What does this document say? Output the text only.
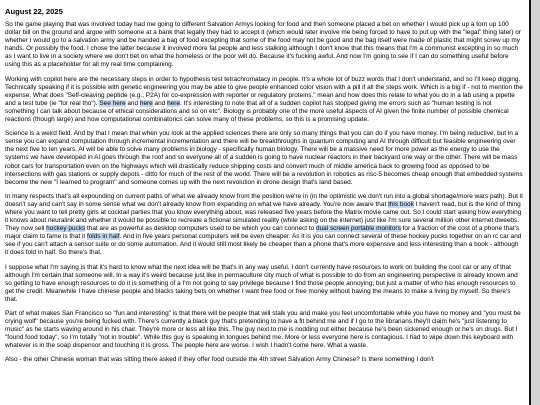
August 22, 2025

So the game playing that was involved today had me going to different Salvation Armys looking for food and then someone placed a bet on whether I would pick up a torn up 100 dollar bill on the ground and argue with someone at a bank that legally they had to accept it (which would later involve me being forced to have to put up with the "legal" thing later) or whether I would go to a salvation army and be handed a bag of food excepting that some of the food may not be good and the bag itself were made of plastic that might screw up my hands. Or possibly the food. I chose the latter because it involved more fat people and less stalking although I don't know that this means that I'm a communist excepting in so much as I want to live in a society where we don't bet on what the homeless or the poor will do. Because it's fucking awful. And now I'm going to see if I can do something useful before using this as a placeholder for all my real time complaining.

Working with copilot here are the necessary steps in order to hypothesis test tetrachromatacy in people. It's a whole lot of buzz words that I don't understand, and so I'll keep digging. Technically speaking if it is possible with genetic engineering you may be able to give people enhanced color vision with a pill if all the steps work. Which is a big if - not to mention the expense. What does "Self-cleaving peptide (e.g., P2A) for co-expression with reporter or regulatory proteins." mean and how does this relate to what you do in a lab using a pipette and a test tube (ie "for real tho"). See here and here and here. It's interesting to note that all of a sudden copilot has stopped giving me errors such as "human testing is not something I can talk about because of ethical considerations and so on etc". Biology is probably one of the more useful aspects of AI given the finite number of possible chemical reactions (though large) and how computational combinatorics can solve many of these problems, so this is a promising update.

Science is a weird field. And by that I mean that when you look at the applied sciences there are only so many things that you can do if you have money. I'm being reductive, but in a sense you can expand computation through incremental incrementation and there will be breakthroughs in quantum computing and AI through difficult but feasible engineering over the next five to ten years. AI will be able to solve many problems in biology - specifically human biology. There will be a massive need for more power as the energy to use the systems we have developed in AI goes through the roof and so everyone all of a sudden is going to have nuclear reactors in their backyard one way or the other. There will be mass robot cars for transportation even on the highways which will drastically reduce shipping costs and convert much of middle america back to growing food as opposed to be intersections with gas stations or supply depots - ditto for much of the rest of the world. There will be a revolution in robotics as risc-5 becomes cheap enough that embedded systems become the new "I learned to program" and someone comes up with the next revolution in drone design that's land based.

In many respects that's all expounding on current paths of what we already know from the position we're in (in the optimistic we don't run into a global shortage/more wars path). But it doesn't say and can't say in some sense what we don't already know from expanding on what we have already. You're now aware that this book I haven't read, but is the kind of thing where you want to tell pretty girls at cocktail parties that you know everything about, was released five years before the Matrix movie came out. So I could start asking how everything it knows about neuralink and whether it would be possible to recreate a fictional simulated reality (while asking on the internet) just like I'm sure several million other internet dweebs. They now sell hockey pucks that are as powerful as desktop computers used to be which you can connect to dual screen portable monitors for a fraction of the cost of a phone that's major claim to fame is that it folds in half. And in five years personal computers will be even cheaper. As it is you can connect several of these hockey pucks together on an rc car and see if you can't attach a sensor suite or do some automation. And it would still most likely be cheaper than a phone that's more expensive and less interesting than a book - although it does fold in half. So there's that.

I suppose what I'm saying is that it's hard to know what the next idea will be that's in any way useful. I don't currently have resources to work on building the cool car or any of that although I'm certain that someone will. In a way it's weird because just like in permaculture city much of what is possible to do from an engineering perspective is already known and so getting to have enough resources to do it is something of a I'm not going to say privilege because I find those people annoying, but just a matter of who has enough resources to get the credit. Meanwhile I have chinese people and blacks taking bets on whether I want free food or free money without having the means to make a living by myself. So there's that.

Part of what makes San Francisco so "fun and interesting" is that there will be people that will stalk you and make you feel uncomfortable while you have no money and "you must be crying wolf" because you're being fucked with. There's currently a black guy that's pretending to have a fit behind me and if I go to the librarians they'll claim he's "just listening to music" as he starts waving around in his chair. They're more or less all like this. The guy next to me is nodding out either because he's been sickened enough or he's on drugs. But I "found food today", so I'm totally "not in trouble". While this guy is speaking in tongues behind me. More or less everyone here is contagious. I had to wipe down this keyboard with whatever is in the soap dispensor and touching it is gross. The people here are worse. I wish I hadn't come here. What a waste.

Also - the other Chinese woman that was sitting there asked if they offer food outside the 4th street Salvation Army Chinese? Is there something I don't
